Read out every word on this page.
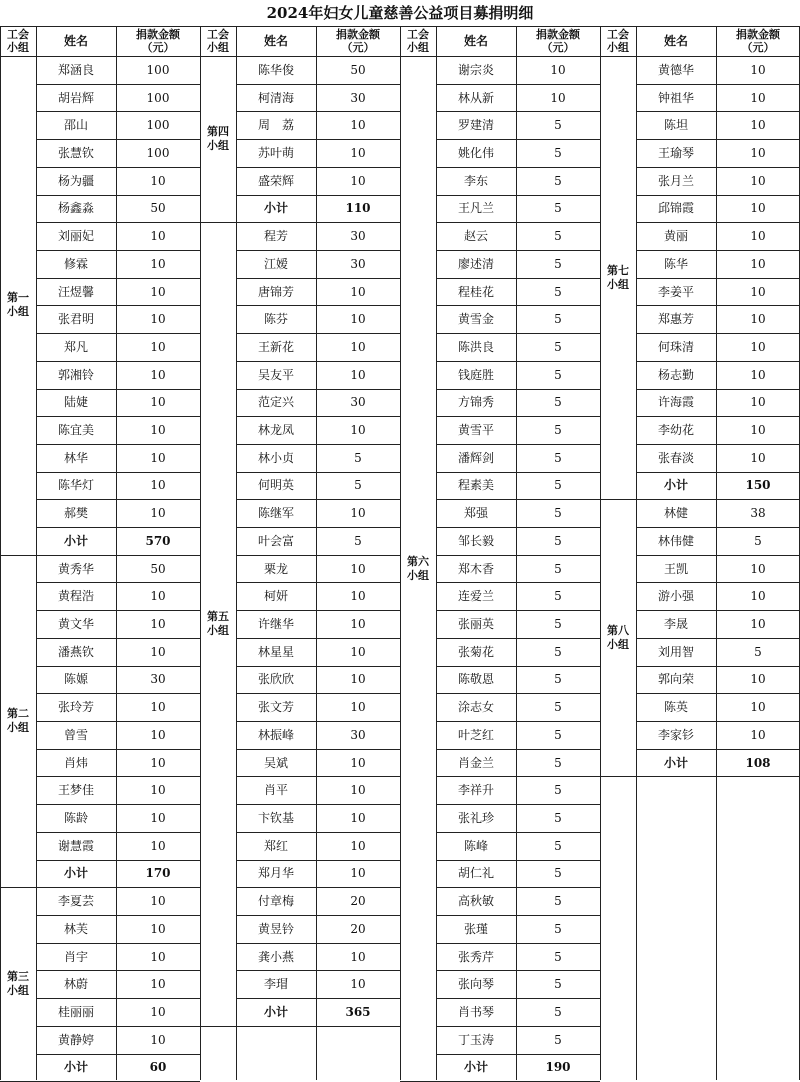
2024年妇女儿童慈善公益项目募捐明细
工会
小组	姓名	捐款金额
（元）
郑涵良	100
胡岩辉	100
邵山	100
张慧钦	100
杨为疆	10
杨鑫淼	50
刘丽妃	10
修霖	10
汪煜馨	10
张君明	10
郑凡	10
郭湘铃	10
陆婕	10
陈宜美	10
林华	10
陈华灯	10
郝樊	10
小计	570
第一
小组
黄秀华	50
黄程浩	10
黄文华	10
潘燕钦	10
陈嫄	30
张玲芳	10
曾雪	10
肖炜	10
王梦佳	10
陈龄	10
谢慧霞	10
小计	170
第二
小组
李夏芸	10
林芙	10
肖宇	10
林蔚	10
桂丽丽	10
黄静婷	10
小计	60
第三
小组
工会
小组	姓名	捐款金额
（元）
陈华俊	50
柯清海	30
周　荔	10
苏叶萌	10
盛荣辉	10
小计	110
第四
小组
程芳	30
江嫒	30
唐锦芳	10
陈芬	10
王新花	10
吴友平	10
范定兴	30
林龙凤	10
林小贞	5
何明英	5
陈继军	10
叶会富	5
栗龙	10
柯妍	10
许继华	10
林星星	10
张欣欣	10
张文芳	10
林振峰	30
吴斌	10
肖平	10
卞钦基	10
郑红	10
郑月华	10
付章梅	20
黄昱钤	20
龚小燕	10
李瑁	10
小计	365
第五
小组
工会
小组	姓名	捐款金额
（元）
谢宗炎	10
林从新	10
罗建清	5
姚化伟	5
李东	5
王凡兰	5
赵云	5
廖述清	5
程桂花	5
黄雪金	5
陈洪良	5
钱庭胜	5
方锦秀	5
黄雪平	5
潘辉剑	5
程素美	5
郑强	5
邹长毅	5
郑木香	5
连爱兰	5
张丽英	5
张菊花	5
陈敬恩	5
涂志女	5
叶芝红	5
肖金兰	5
李祥升	5
张礼珍	5
陈峰	5
胡仁礼	5
高秋敏	5
张瑾	5
张秀芹	5
张向琴	5
肖书琴	5
丁玉涛	5
小计	190
第六
小组
工会
小组	姓名	捐款金额
（元）
黄德华	10
钟祖华	10
陈坦	10
王瑜琴	10
张月兰	10
邱锦霞	10
黄丽	10
陈华	10
李姜平	10
郑惠芳	10
何珠清	10
杨志勤	10
许海霞	10
李幼花	10
张春淡	10
小计	150
第七
小组
林健	38
林伟健	5
王凯	10
游小强	10
李晟	10
刘用智	5
郭向荣	10
陈英	10
李家钐	10
小计	108
第八
小组
